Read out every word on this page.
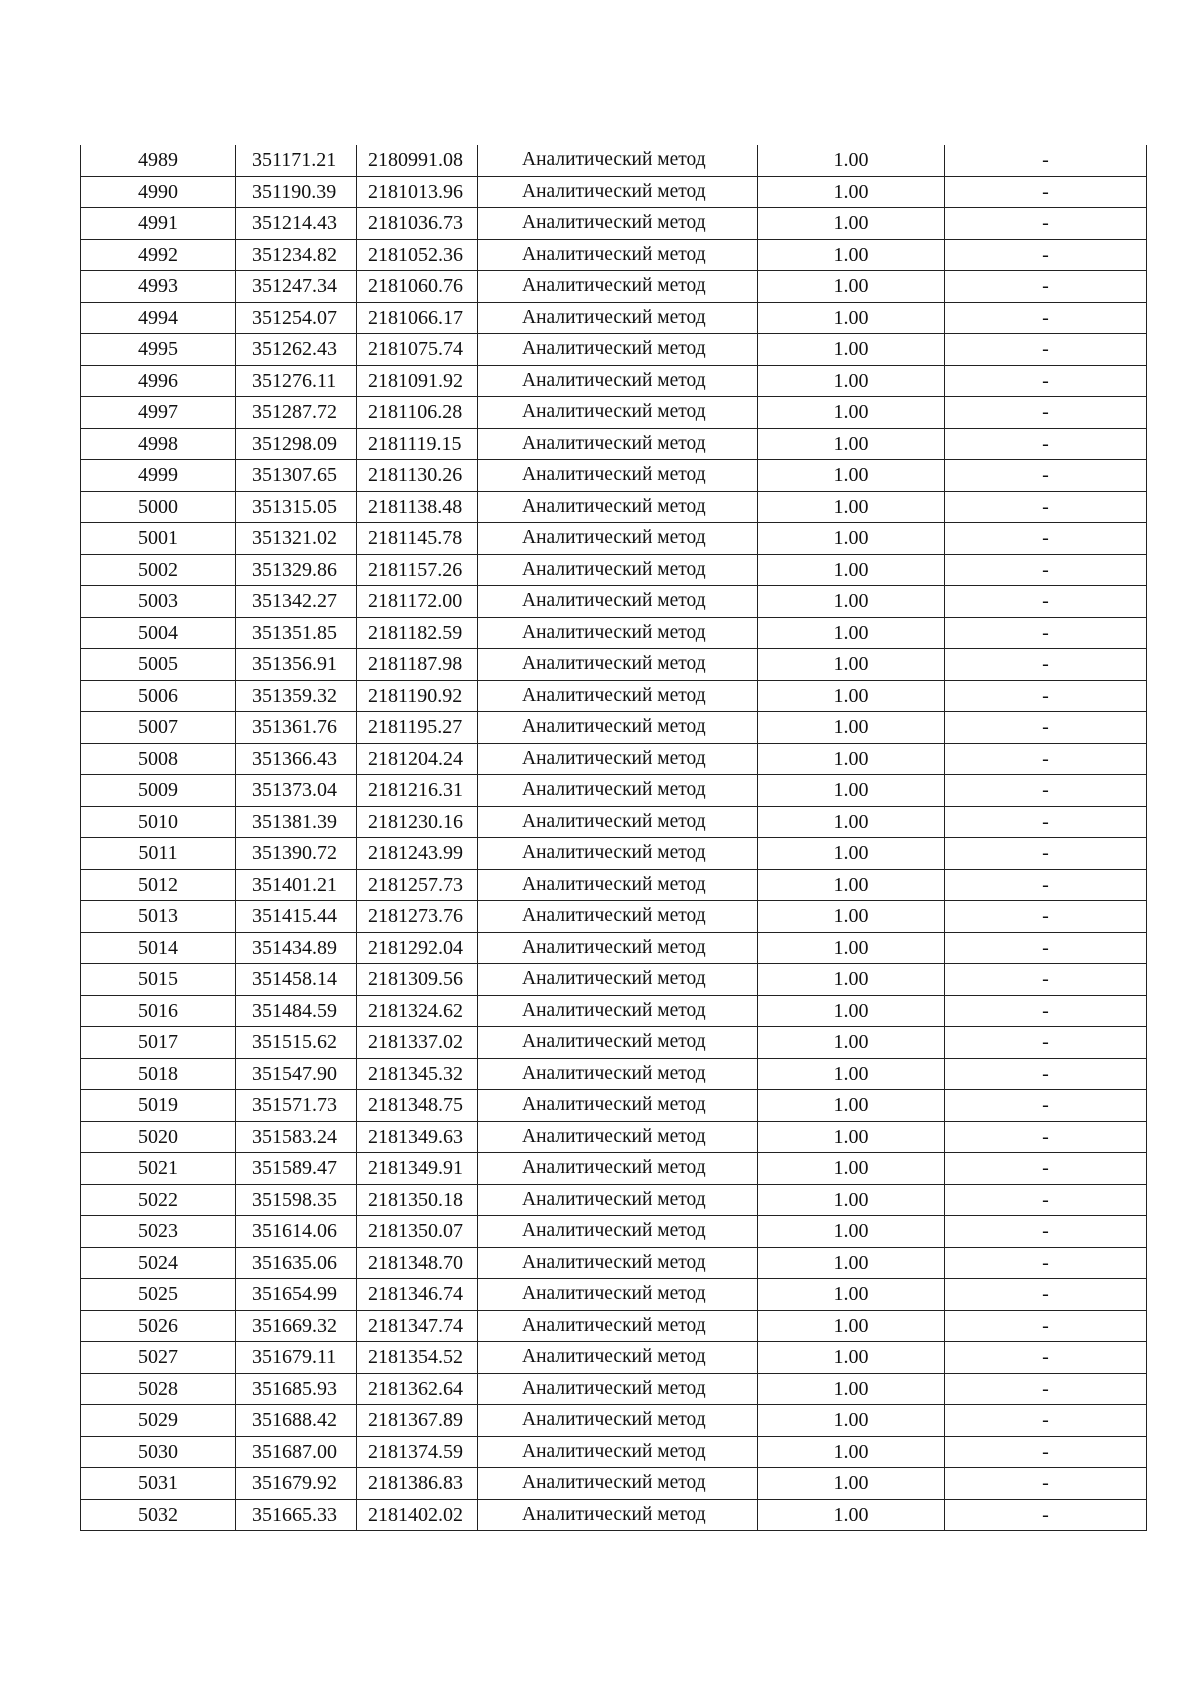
4989	351171.21	2180991.08	Аналитический метод	1.00	-
4990	351190.39	2181013.96	Аналитический метод	1.00	-
4991	351214.43	2181036.73	Аналитический метод	1.00	-
4992	351234.82	2181052.36	Аналитический метод	1.00	-
4993	351247.34	2181060.76	Аналитический метод	1.00	-
4994	351254.07	2181066.17	Аналитический метод	1.00	-
4995	351262.43	2181075.74	Аналитический метод	1.00	-
4996	351276.11	2181091.92	Аналитический метод	1.00	-
4997	351287.72	2181106.28	Аналитический метод	1.00	-
4998	351298.09	2181119.15	Аналитический метод	1.00	-
4999	351307.65	2181130.26	Аналитический метод	1.00	-
5000	351315.05	2181138.48	Аналитический метод	1.00	-
5001	351321.02	2181145.78	Аналитический метод	1.00	-
5002	351329.86	2181157.26	Аналитический метод	1.00	-
5003	351342.27	2181172.00	Аналитический метод	1.00	-
5004	351351.85	2181182.59	Аналитический метод	1.00	-
5005	351356.91	2181187.98	Аналитический метод	1.00	-
5006	351359.32	2181190.92	Аналитический метод	1.00	-
5007	351361.76	2181195.27	Аналитический метод	1.00	-
5008	351366.43	2181204.24	Аналитический метод	1.00	-
5009	351373.04	2181216.31	Аналитический метод	1.00	-
5010	351381.39	2181230.16	Аналитический метод	1.00	-
5011	351390.72	2181243.99	Аналитический метод	1.00	-
5012	351401.21	2181257.73	Аналитический метод	1.00	-
5013	351415.44	2181273.76	Аналитический метод	1.00	-
5014	351434.89	2181292.04	Аналитический метод	1.00	-
5015	351458.14	2181309.56	Аналитический метод	1.00	-
5016	351484.59	2181324.62	Аналитический метод	1.00	-
5017	351515.62	2181337.02	Аналитический метод	1.00	-
5018	351547.90	2181345.32	Аналитический метод	1.00	-
5019	351571.73	2181348.75	Аналитический метод	1.00	-
5020	351583.24	2181349.63	Аналитический метод	1.00	-
5021	351589.47	2181349.91	Аналитический метод	1.00	-
5022	351598.35	2181350.18	Аналитический метод	1.00	-
5023	351614.06	2181350.07	Аналитический метод	1.00	-
5024	351635.06	2181348.70	Аналитический метод	1.00	-
5025	351654.99	2181346.74	Аналитический метод	1.00	-
5026	351669.32	2181347.74	Аналитический метод	1.00	-
5027	351679.11	2181354.52	Аналитический метод	1.00	-
5028	351685.93	2181362.64	Аналитический метод	1.00	-
5029	351688.42	2181367.89	Аналитический метод	1.00	-
5030	351687.00	2181374.59	Аналитический метод	1.00	-
5031	351679.92	2181386.83	Аналитический метод	1.00	-
5032	351665.33	2181402.02	Аналитический метод	1.00	-
